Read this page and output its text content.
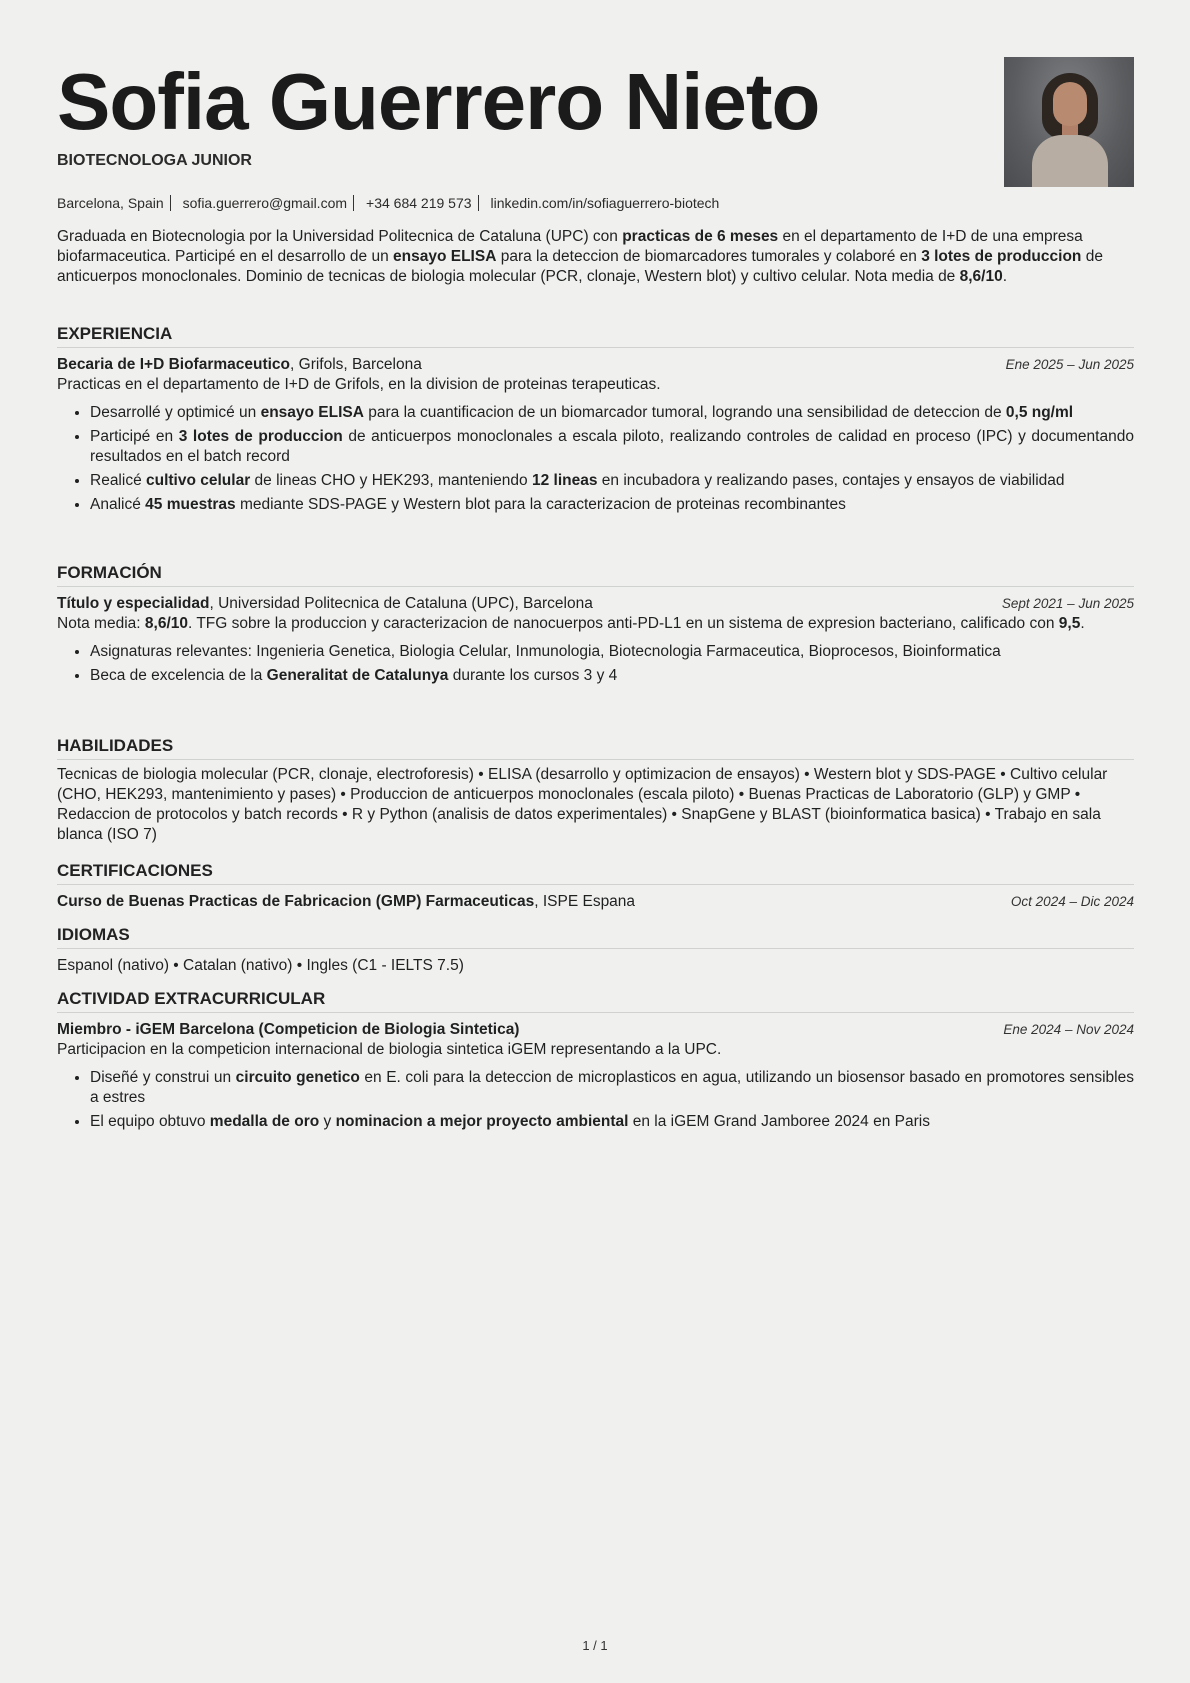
Sofia Guerrero Nieto
BIOTECNOLOGA JUNIOR
Barcelona, Spain sofia.guerrero@gmail.com +34 684 219 573 linkedin.com/in/sofiaguerrero-biotech
Graduada en Biotecnologia por la Universidad Politecnica de Cataluna (UPC) con practicas de 6 meses en el departamento de I+D de una empresa biofarmaceutica. Participé en el desarrollo de un ensayo ELISA para la deteccion de biomarcadores tumorales y colaboré en 3 lotes de produccion de anticuerpos monoclonales. Dominio de tecnicas de biologia molecular (PCR, clonaje, Western blot) y cultivo celular. Nota media de 8,6/10.
EXPERIENCIA
Becaria de I+D Biofarmaceutico, Grifols, Barcelona	Ene 2025 – Jun 2025
Practicas en el departamento de I+D de Grifols, en la division de proteinas terapeuticas.
• Desarrollé y optimicé un ensayo ELISA para la cuantificacion de un biomarcador tumoral, logrando una sensibilidad de deteccion de 0,5 ng/ml
• Participé en 3 lotes de produccion de anticuerpos monoclonales a escala piloto, realizando controles de calidad en proceso (IPC) y documentando resultados en el batch record
• Realicé cultivo celular de lineas CHO y HEK293, manteniendo 12 lineas en incubadora y realizando pases, contajes y ensayos de viabilidad
• Analicé 45 muestras mediante SDS-PAGE y Western blot para la caracterizacion de proteinas recombinantes
FORMACIÓN
Título y especialidad, Universidad Politecnica de Cataluna (UPC), Barcelona	Sept 2021 – Jun 2025
Nota media: 8,6/10. TFG sobre la produccion y caracterizacion de nanocuerpos anti-PD-L1 en un sistema de expresion bacteriano, calificado con 9,5.
• Asignaturas relevantes: Ingenieria Genetica, Biologia Celular, Inmunologia, Biotecnologia Farmaceutica, Bioprocesos, Bioinformatica
• Beca de excelencia de la Generalitat de Catalunya durante los cursos 3 y 4
HABILIDADES
Tecnicas de biologia molecular (PCR, clonaje, electroforesis) • ELISA (desarrollo y optimizacion de ensayos) • Western blot y SDS-PAGE • Cultivo celular (CHO, HEK293, mantenimiento y pases) • Produccion de anticuerpos monoclonales (escala piloto) • Buenas Practicas de Laboratorio (GLP) y GMP • Redaccion de protocolos y batch records • R y Python (analisis de datos experimentales) • SnapGene y BLAST (bioinformatica basica) • Trabajo en sala blanca (ISO 7)
CERTIFICACIONES
Curso de Buenas Practicas de Fabricacion (GMP) Farmaceuticas, ISPE Espana	Oct 2024 – Dic 2024
IDIOMAS
Espanol (nativo) • Catalan (nativo) • Ingles (C1 - IELTS 7.5)
ACTIVIDAD EXTRACURRICULAR
Miembro - iGEM Barcelona (Competicion de Biologia Sintetica)	Ene 2024 – Nov 2024
Participacion en la competicion internacional de biologia sintetica iGEM representando a la UPC.
• Diseñé y construi un circuito genetico en E. coli para la deteccion de microplasticos en agua, utilizando un biosensor basado en promotores sensibles a estres
• El equipo obtuvo medalla de oro y nominacion a mejor proyecto ambiental en la iGEM Grand Jamboree 2024 en Paris
1 / 1
